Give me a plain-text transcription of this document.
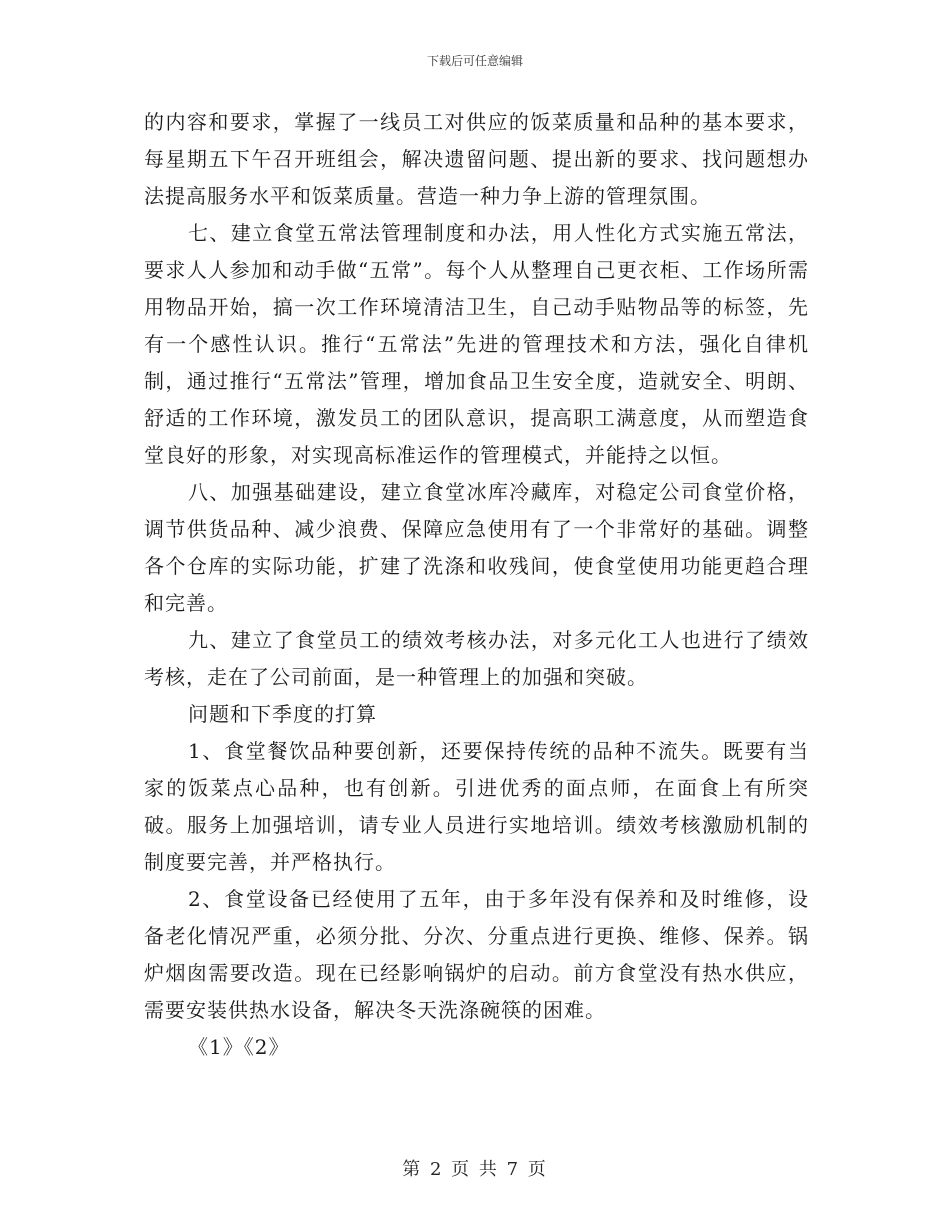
下载后可任意编辑

的内容和要求，掌握了一线员工对供应的饭菜质量和品种的基本要求，每星期五下午召开班组会，解决遗留问题、提出新的要求、找问题想办法提高服务水平和饭菜质量。营造一种力争上游的管理氛围。

七、建立食堂五常法管理制度和办法，用人性化方式实施五常法，要求人人参加和动手做“五常”。每个人从整理自己更衣柜、工作场所需用物品开始，搞一次工作环境清洁卫生，自己动手贴物品等的标签，先有一个感性认识。推行“五常法”先进的管理技术和方法，强化自律机制，通过推行“五常法”管理，增加食品卫生安全度，造就安全、明朗、舒适的工作环境，激发员工的团队意识，提高职工满意度，从而塑造食堂良好的形象，对实现高标准运作的管理模式，并能持之以恒。

八、加强基础建设，建立食堂冰库冷藏库，对稳定公司食堂价格，调节供货品种、减少浪费、保障应急使用有了一个非常好的基础。调整各个仓库的实际功能，扩建了洗涤和收残间，使食堂使用功能更趋合理和完善。

九、建立了食堂员工的绩效考核办法，对多元化工人也进行了绩效考核，走在了公司前面，是一种管理上的加强和突破。

问题和下季度的打算

1、食堂餐饮品种要创新，还要保持传统的品种不流失。既要有当家的饭菜点心品种，也有创新。引进优秀的面点师，在面食上有所突破。服务上加强培训，请专业人员进行实地培训。绩效考核激励机制的制度要完善，并严格执行。

2、食堂设备已经使用了五年，由于多年没有保养和及时维修，设备老化情况严重，必须分批、分次、分重点进行更换、维修、保养。锅炉烟囱需要改造。现在已经影响锅炉的启动。前方食堂没有热水供应，需要安装供热水设备，解决冬天洗涤碗筷的困难。

《1》《2》

第 2 页 共 7 页
